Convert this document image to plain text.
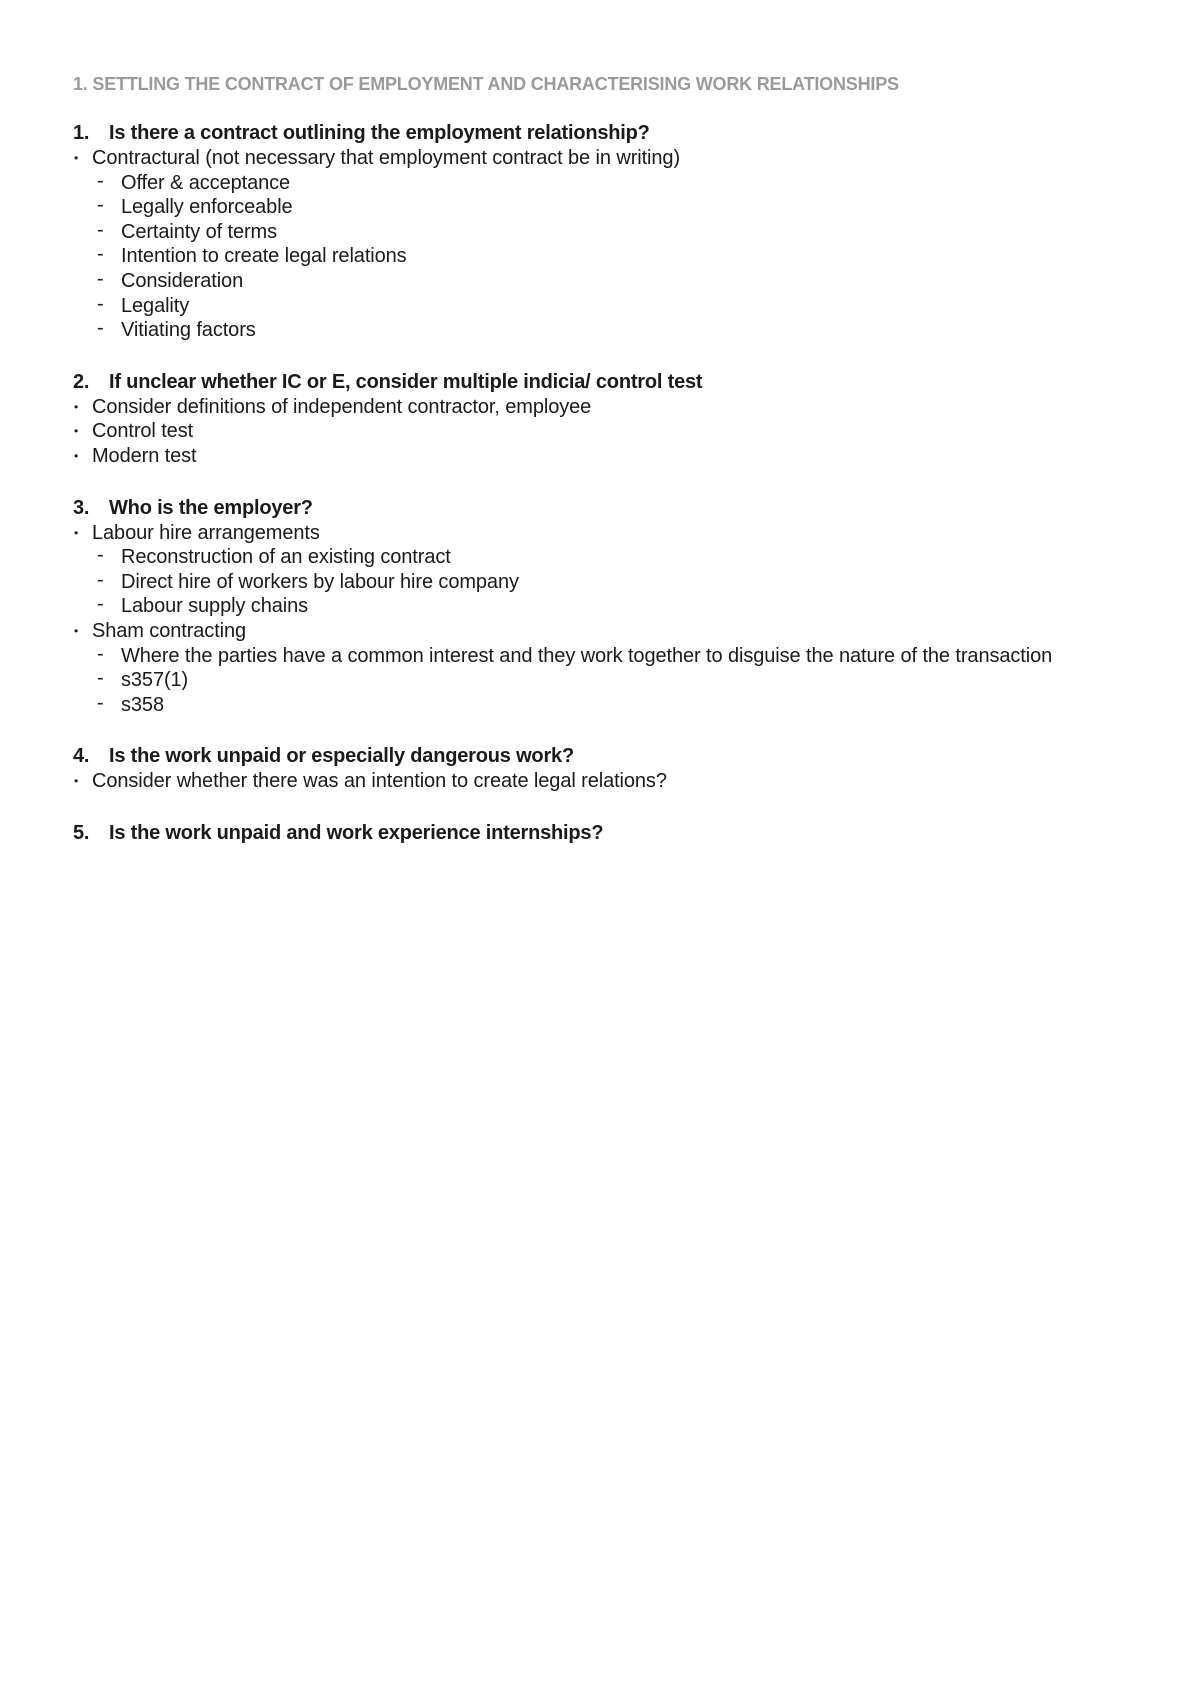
1. SETTLING THE CONTRACT OF EMPLOYMENT AND CHARACTERISING WORK RELATIONSHIPS
1. Is there a contract outlining the employment relationship?
• Contractural (not necessary that employment contract be in writing)
- Offer & acceptance
- Legally enforceable
- Certainty of terms
- Intention to create legal relations
- Consideration
- Legality
- Vitiating factors
2. If unclear whether IC or E, consider multiple indicia/ control test
• Consider definitions of independent contractor, employee
• Control test
• Modern test
3. Who is the employer?
• Labour hire arrangements
- Reconstruction of an existing contract
- Direct hire of workers by labour hire company
- Labour supply chains
• Sham contracting
- Where the parties have a common interest and they work together to disguise the nature of the transaction
- s357(1)
- s358
4. Is the work unpaid or especially dangerous work?
• Consider whether there was an intention to create legal relations?
5. Is the work unpaid and work experience internships?
